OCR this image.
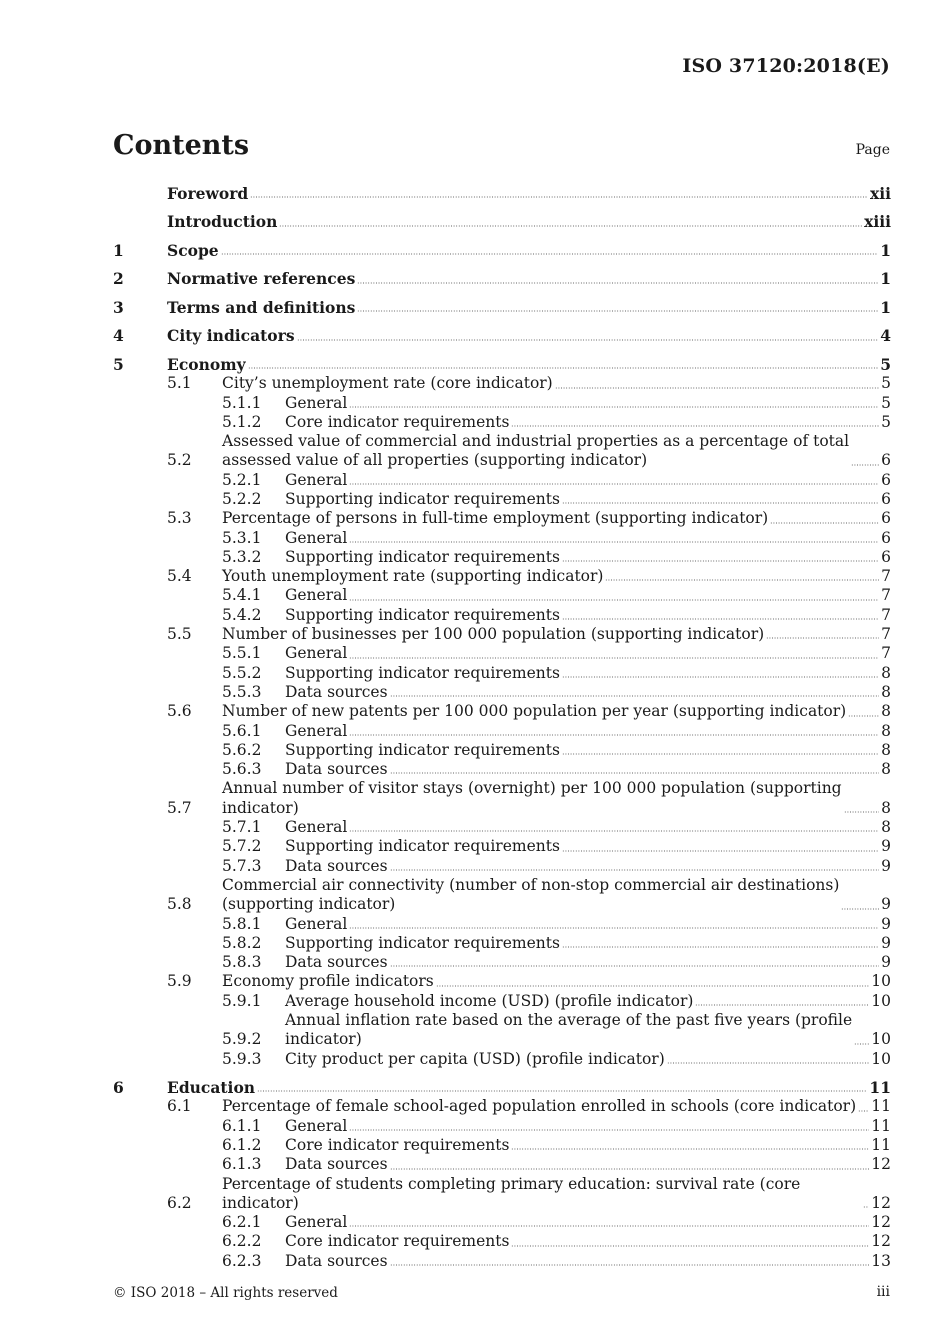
ISO 37120:2018(E)
Contents	Page
Foreword	xii
Introduction	xiii
1	Scope	1
2	Normative references	1
3	Terms and definitions	1
4	City indicators	4
5	Economy	5
5.1	City’s unemployment rate (core indicator)	5
5.1.1	General	5
5.1.2	Core indicator requirements	5
5.2
Assessed value of commercial and industrial properties as a percentage of total
assessed value of all properties (supporting indicator)	6
5.2.1	General	6
5.2.2	Supporting indicator requirements	6
5.3	Percentage of persons in full-time employment (supporting indicator)	6
5.3.1	General	6
5.3.2	Supporting indicator requirements	6
5.4	Youth unemployment rate (supporting indicator)	7
5.4.1	General	7
5.4.2	Supporting indicator requirements	7
5.5	Number of businesses per 100 000 population (supporting indicator)	7
5.5.1	General	7
5.5.2	Supporting indicator requirements	8
5.5.3	Data sources	8
5.6	Number of new patents per 100 000 population per year (supporting indicator) 8
5.6.1	General	8
5.6.2	Supporting indicator requirements	8
5.6.3	Data sources	8
5.7
Annual number of visitor stays (overnight) per 100 000 population (supporting
indicator)	8
5.7.1	General	8
5.7.2	Supporting indicator requirements	9
5.7.3	Data sources	9
5.8
Commercial air connectivity (number of non-stop commercial air destinations)
(supporting indicator)	9
5.8.1	General	9
5.8.2	Supporting indicator requirements	9
5.8.3	Data sources	9
5.9	Economy profile indicators	10
5.9.1	Average household income (USD) (profile indicator)	10
5.9.2
Annual inflation rate based on the average of the past five years (profile
indicator)	10
5.9.3	City product per capita (USD) (profile indicator)	10
6	Education	11
6.1	Percentage of female school-aged population enrolled in schools (core indicator) 11
6.1.1	General	11
6.1.2	Core indicator requirements	11
6.1.3	Data sources	12
6.2
Percentage of students completing primary education: survival rate (core indicator)	12
6.2.1	General	12
6.2.2	Core indicator requirements	12
6.2.3	Data sources	13
© ISO 2018 – All rights reserved	iii
